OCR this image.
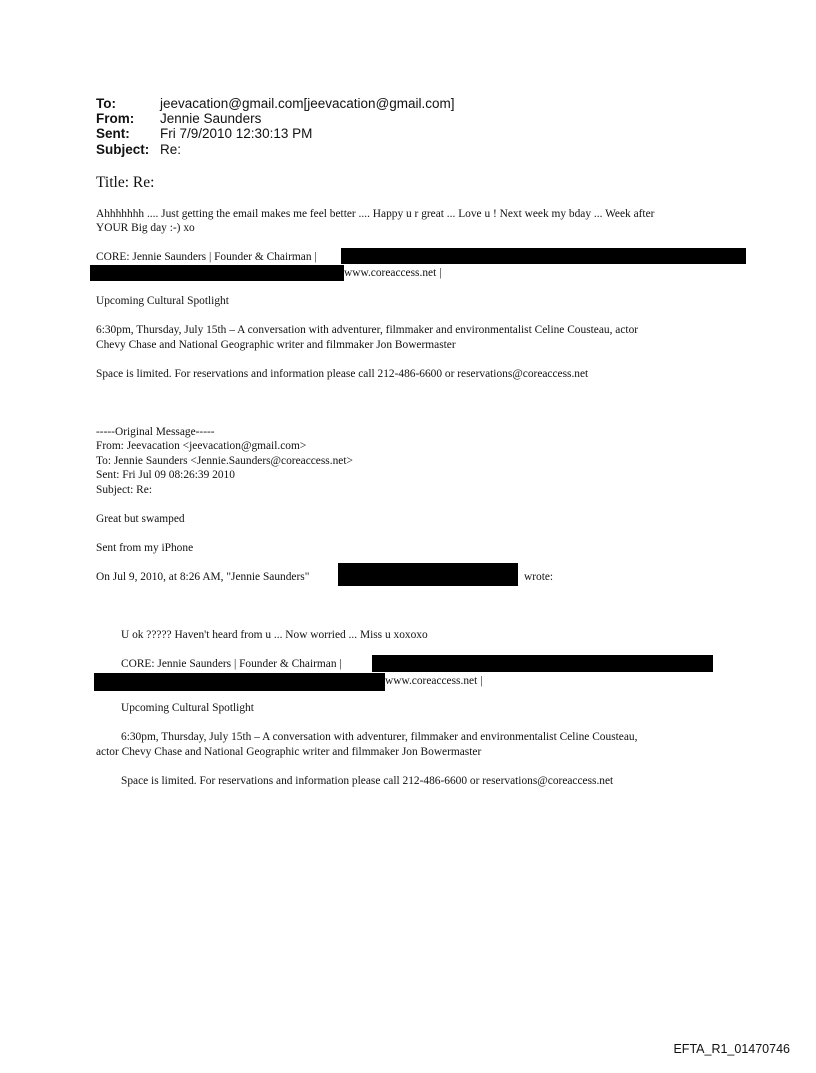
To:	jeevacation@gmail.com[jeevacation@gmail.com]
From: Jennie Saunders
Sent: Fri 7/9/2010 12:30:13 PM
Subject: Re:
Title: Re:
Ahhhhhhh .... Just getting the email makes me feel better .... Happy u r great ... Love u ! Next week my bday ... Week after
YOUR Big day :-) xo
CORE: Jennie Saunders | Founder & Chairman |
www.coreaccess.net |
Upcoming Cultural Spotlight
6:30pm, Thursday, July 15th – A conversation with adventurer, filmmaker and environmentalist Celine Cousteau, actor
Chevy Chase and National Geographic writer and filmmaker Jon Bowermaster
Space is limited. For reservations and information please call 212-486-6600 or reservations@coreaccess.net
-----Original Message-----
From: Jeevacation <jeevacation@gmail.com>
To: Jennie Saunders <Jennie.Saunders@coreaccess.net>
Sent: Fri Jul 09 08:26:39 2010
Subject: Re:
Great but swamped
Sent from my iPhone
On Jul 9, 2010, at 8:26 AM, "Jennie Saunders"	wrote:
U ok ????? Haven't heard from u ... Now worried ... Miss u xoxoxo
CORE: Jennie Saunders | Founder & Chairman |
www.coreaccess.net |
Upcoming Cultural Spotlight
6:30pm, Thursday, July 15th – A conversation with adventurer, filmmaker and environmentalist Celine Cousteau,
actor Chevy Chase and National Geographic writer and filmmaker Jon Bowermaster
Space is limited. For reservations and information please call 212-486-6600 or reservations@coreaccess.net
EFTA_R1_01470746
